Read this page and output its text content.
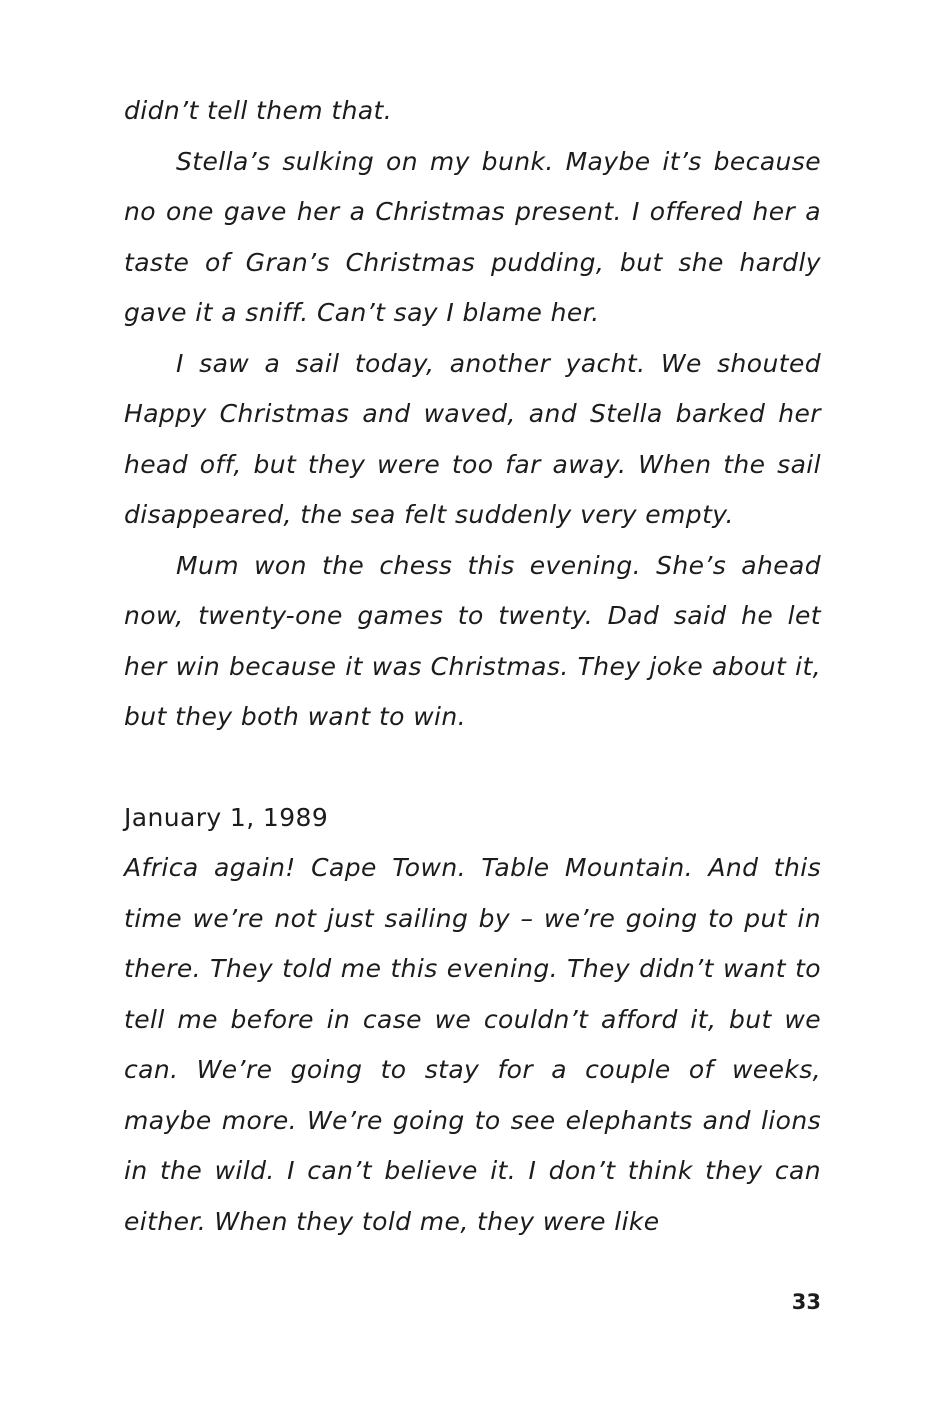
didn’t tell them that.

Stella’s sulking on my bunk. Maybe it’s because no one gave her a Christmas present. I offered her a taste of Gran’s Christmas pudding, but she hardly gave it a sniff. Can’t say I blame her.

I saw a sail today, another yacht. We shouted Happy Christmas and waved, and Stella barked her head off, but they were too far away. When the sail disappeared, the sea felt suddenly very empty.

Mum won the chess this evening. She’s ahead now, twenty-one games to twenty. Dad said he let her win because it was Christmas. They joke about it, but they both want to win.

January 1, 1989

Africa again! Cape Town. Table Mountain. And this time we’re not just sailing by – we’re going to put in there. They told me this evening. They didn’t want to tell me before in case we couldn’t afford it, but we can. We’re going to stay for a couple of weeks, maybe more. We’re going to see elephants and lions in the wild. I can’t believe it. I don’t think they can either. When they told me, they were like

33
